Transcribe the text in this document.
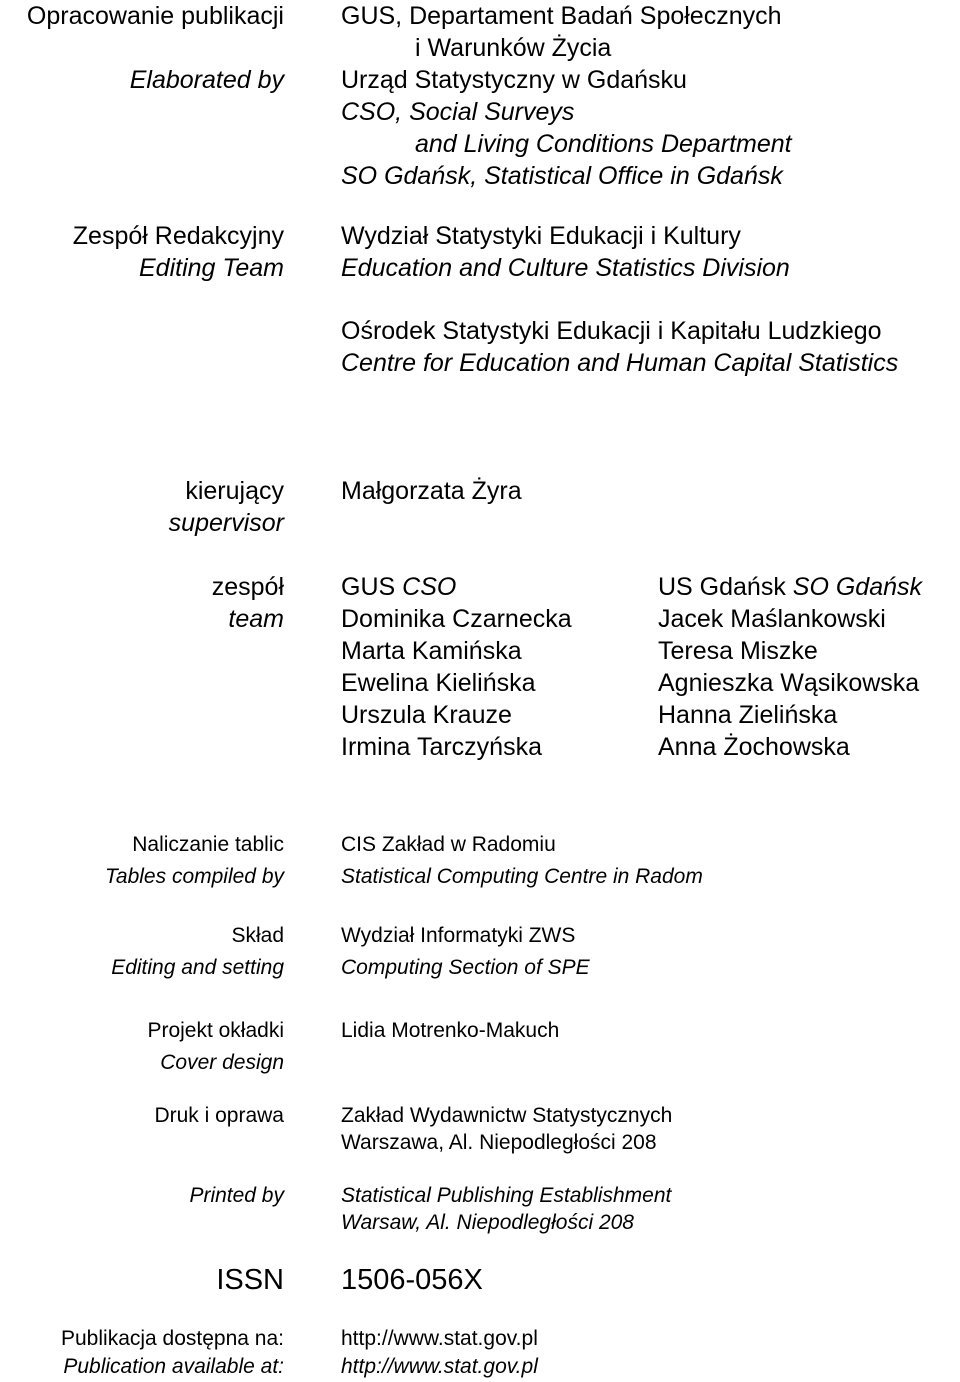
Opracowanie publikacji
Elaborated by
GUS, Departament Badań Społecznych
i Warunków Życia
Urząd Statystyczny w Gdańsku
CSO, Social Surveys
and Living Conditions Department
SO Gdańsk, Statistical Office in Gdańsk
Zespół Redakcyjny
Editing Team
Wydział Statystyki Edukacji i Kultury
Education and Culture Statistics Division
Ośrodek Statystyki Edukacji i Kapitału Ludzkiego
Centre for Education and Human Capital Statistics
kierujący
supervisor
Małgorzata Żyra
zespół
team
GUS CSO
Dominika Czarnecka
Marta Kamińska
Ewelina Kielińska
Urszula Krauze
Irmina Tarczyńska
US Gdańsk SO Gdańsk
Jacek Maślankowski
Teresa Miszke
Agnieszka Wąsikowska
Hanna Zielińska
Anna Żochowska
Naliczanie tablic
Tables compiled by
CIS Zakład w Radomiu
Statistical Computing Centre in Radom
Skład
Editing and setting
Wydział Informatyki ZWS
Computing Section of SPE
Projekt okładki
Cover design
Lidia Motrenko-Makuch
Druk i oprawa	Zakład Wydawnictw Statystycznych
Warszawa, Al. Niepodległości 208
Printed by	Statistical Publishing Establishment
Warsaw, Al. Niepodległości 208
ISSN 1506-056X
Publikacja dostępna na:
Publication available at:
http://www.stat.gov.pl
http://www.stat.gov.pl
